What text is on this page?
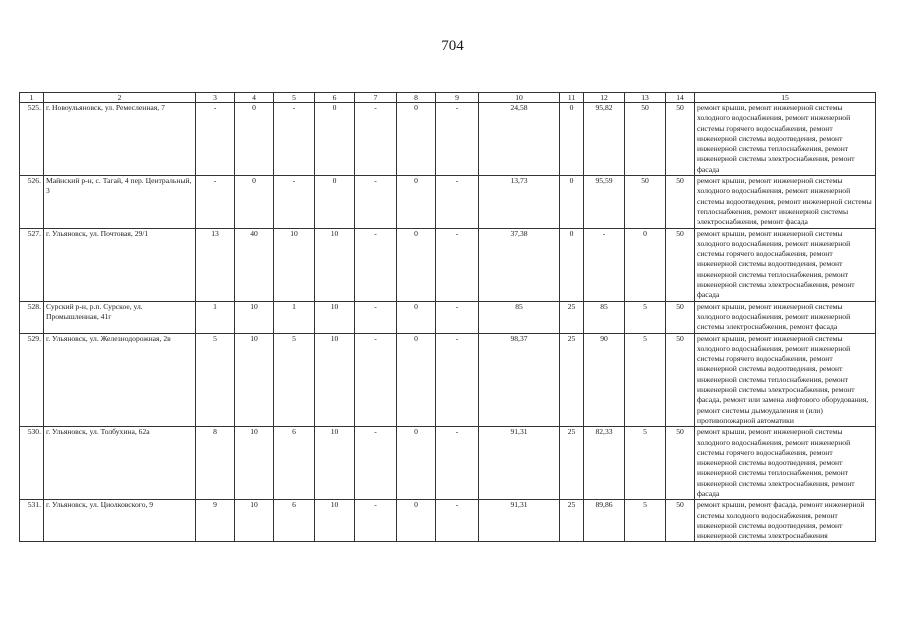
704
1	2	3	4	5	6	7	8	9	10	11	12	13	14	15
525.	г. Новоульяновск, ул. Ремесленная, 7	-	0	-	0	-	0	-	24,58	0	95,82	50	50	ремонт крыши, ремонт инженерной системы холодного водоснабжения, ремонт инженерной системы горячего водоснабжения, ремонт инженерной системы водоотведения, ремонт инженерной системы теплоснабжения, ремонт инженерной системы электроснабжения, ремонт фасада
526.	Майнский р-н, с. Тагай, 4 пер. Центральный, 3	-	0	-	0	-	0	-	13,73	0	95,59	50	50	ремонт крыши, ремонт инженерной системы холодного водоснабжения, ремонт инженерной системы водоотведения, ремонт инженерной системы теплоснабжения, ремонт инженерной системы электроснабжения, ремонт фасада
527.	г. Ульяновск, ул. Почтовая, 29/1	13	40	10	10	-	0	-	37,38	0	-	0	50	ремонт крыши, ремонт инженерной системы холодного водоснабжения, ремонт инженерной системы горячего водоснабжения, ремонт инженерной системы водоотведения, ремонт инженерной системы теплоснабжения, ремонт инженерной системы электроснабжения, ремонт фасада
528.	Сурский р-н, р.п. Сурское, ул. Промышленная, 41г	1	10	1	10	-	0	-	85	25	85	5	50	ремонт крыши, ремонт инженерной системы холодного водоснабжения, ремонт инженерной системы электроснабжения, ремонт фасада
529.	г. Ульяновск, ул. Железнодорожная, 2в	5	10	5	10	-	0	-	98,37	25	90	5	50	ремонт крыши, ремонт инженерной системы холодного водоснабжения, ремонт инженерной системы горячего водоснабжения, ремонт инженерной системы водоотведения, ремонт инженерной системы теплоснабжения, ремонт инженерной системы электроснабжения, ремонт фасада, ремонт или замена лифтового оборудования, ремонт системы дымоудаления и (или) противопожарной автоматики
530.	г. Ульяновск, ул. Толбухина, 62а	8	10	6	10	-	0	-	91,31	25	82,33	5	50	ремонт крыши, ремонт инженерной системы холодного водоснабжения, ремонт инженерной системы горячего водоснабжения, ремонт инженерной системы водоотведения, ремонт инженерной системы теплоснабжения, ремонт инженерной системы электроснабжения, ремонт фасада
531.	г. Ульяновск, ул. Циолковского, 9	9	10	6	10	-	0	-	91,31	25	89,86	5	50	ремонт крыши, ремонт фасада, ремонт инженерной системы холодного водоснабжения, ремонт инженерной системы водоотведения, ремонт инженерной системы электроснабжения
